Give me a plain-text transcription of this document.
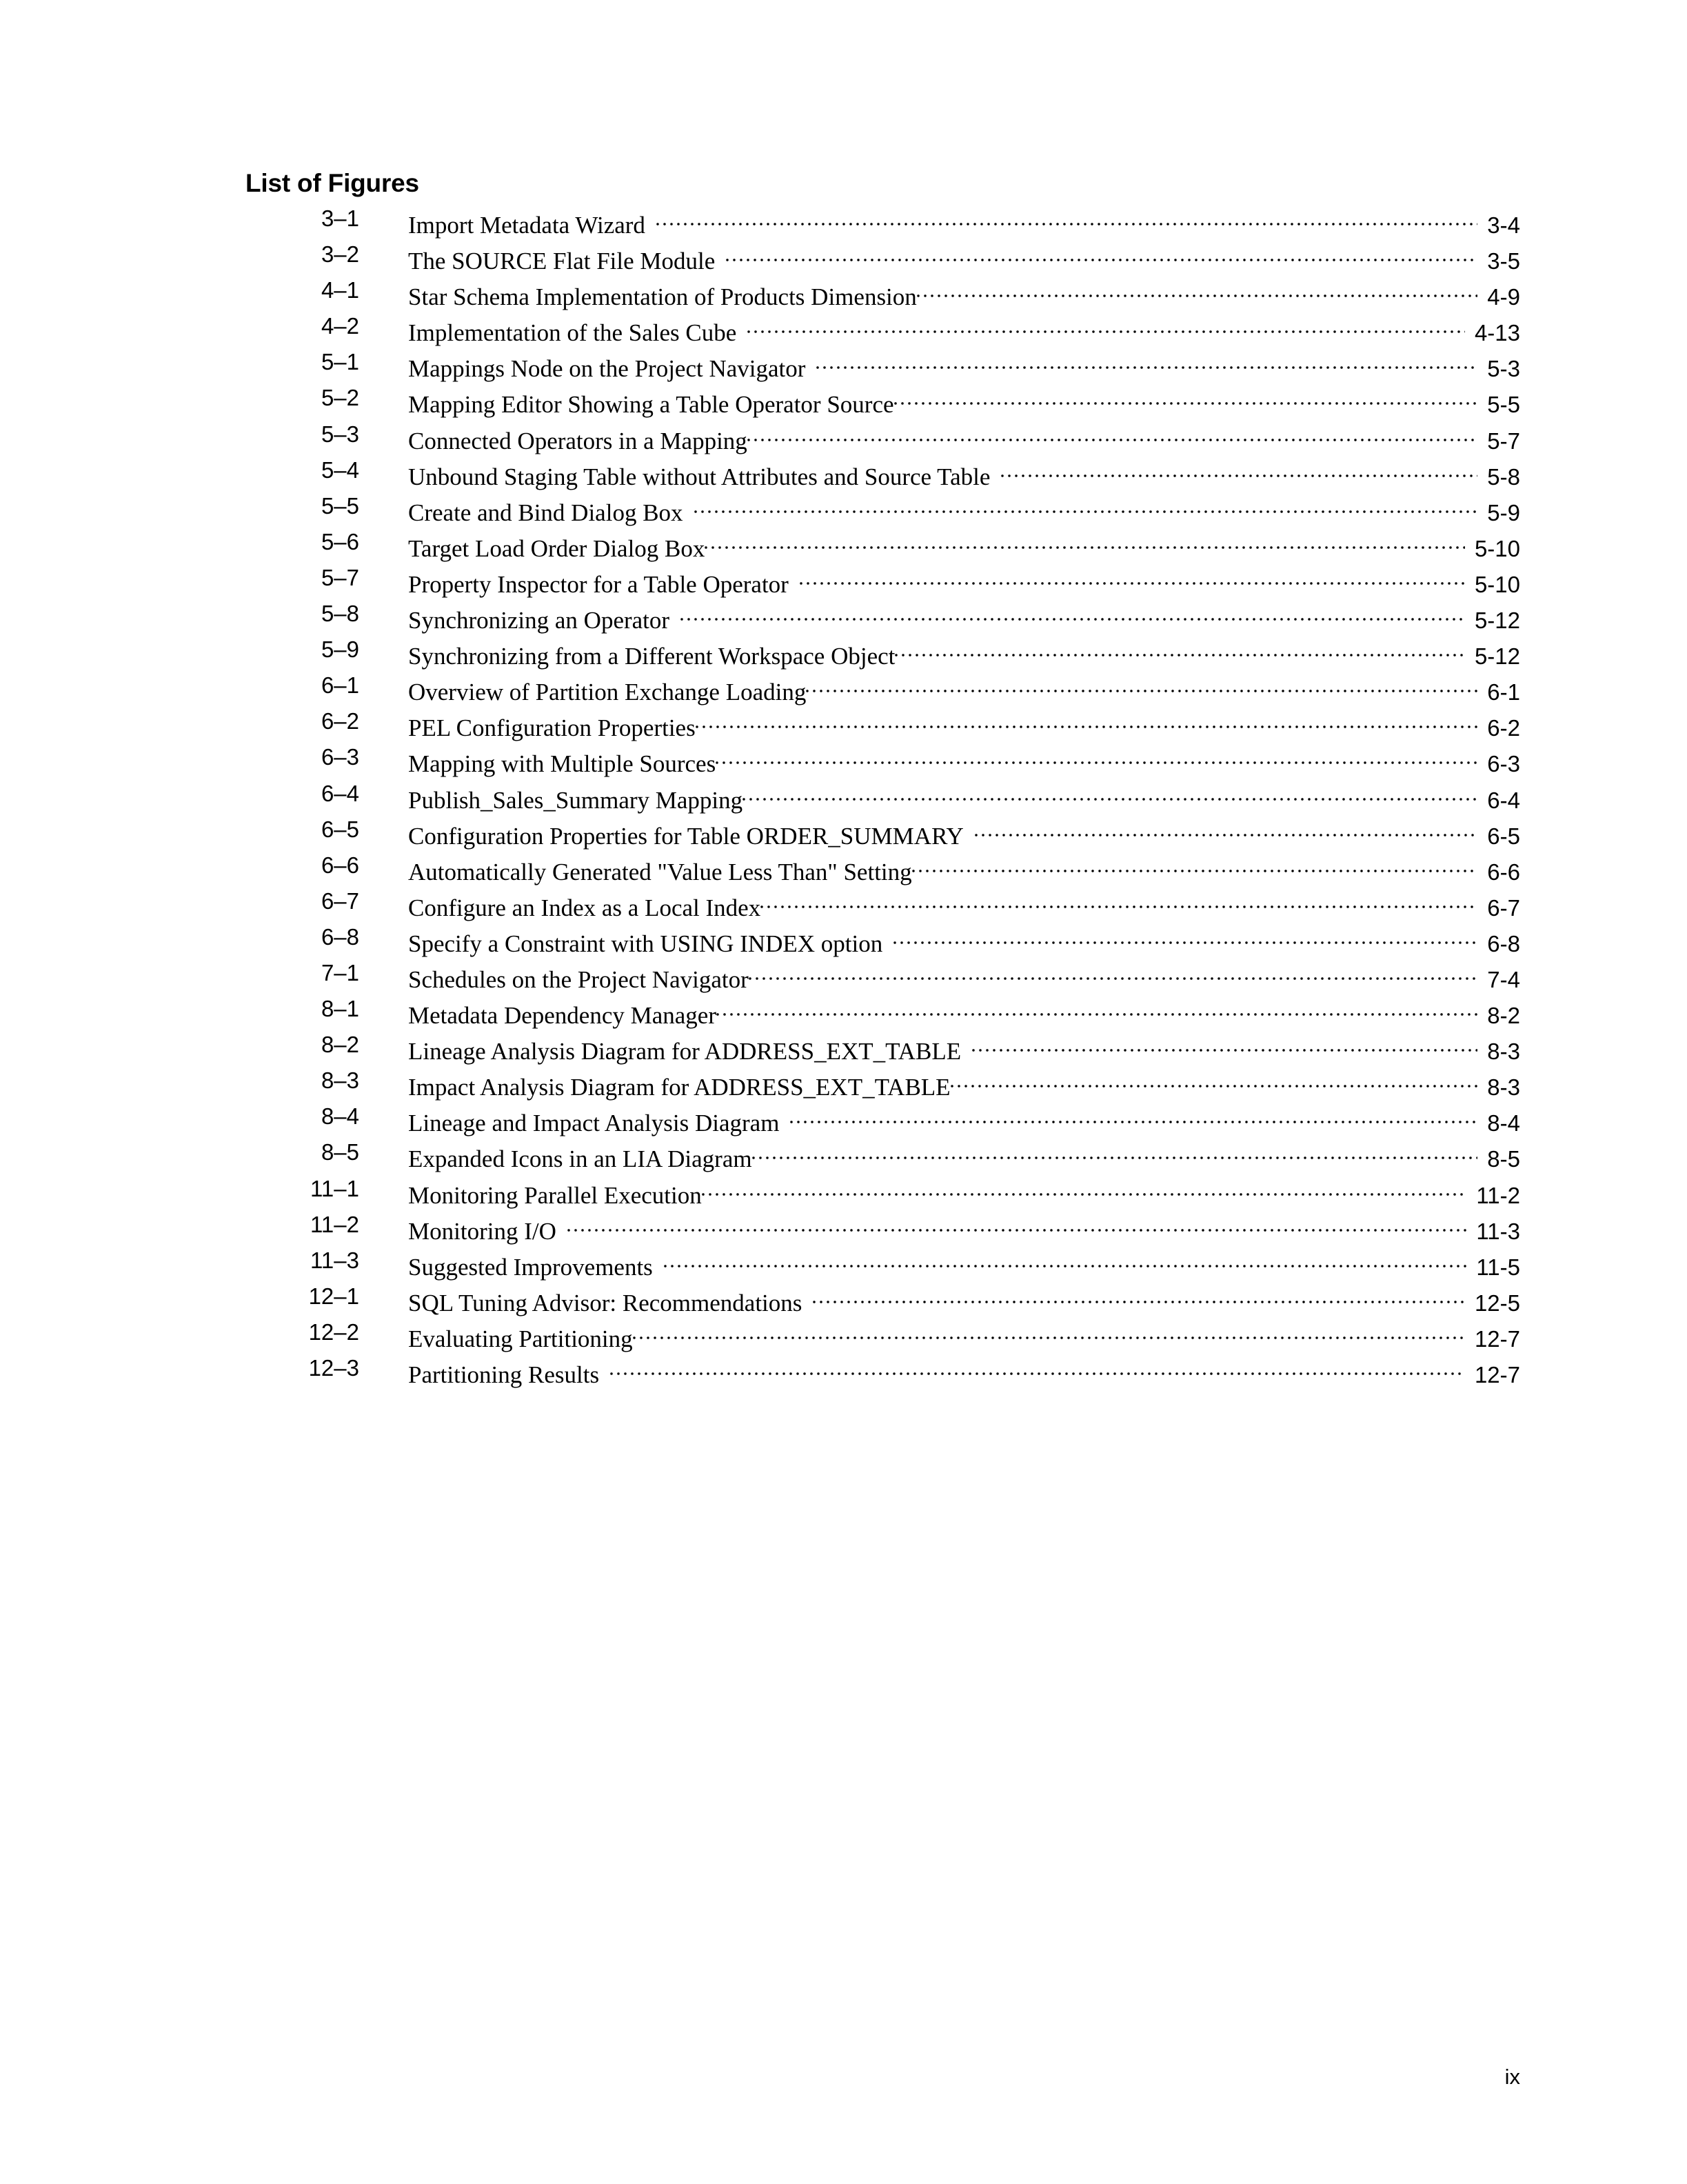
List of Figures
3–1 Import Metadata Wizard	3-4
3–2 The SOURCE Flat File Module	3-5
4–1 Star Schema Implementation of Products Dimension	4-9
4–2 Implementation of the Sales Cube	4-13
5–1 Mappings Node on the Project Navigator	5-3
5–2 Mapping Editor Showing a Table Operator Source	5-5
5–3 Connected Operators in a Mapping	5-7
5–4 Unbound Staging Table without Attributes and Source Table	5-8
5–5 Create and Bind Dialog Box	5-9
5–6 Target Load Order Dialog Box	5-10
5–7 Property Inspector for a Table Operator	5-10
5–8 Synchronizing an Operator	5-12
5–9 Synchronizing from a Different Workspace Object	5-12
6–1 Overview of Partition Exchange Loading	6-1
6–2 PEL Configuration Properties	6-2
6–3 Mapping with Multiple Sources	6-3
6–4 Publish_Sales_Summary Mapping	6-4
6–5 Configuration Properties for Table ORDER_SUMMARY	6-5
6–6 Automatically Generated "Value Less Than" Setting	6-6
6–7 Configure an Index as a Local Index	6-7
6–8 Specify a Constraint with USING INDEX option	6-8
7–1 Schedules on the Project Navigator	7-4
8–1 Metadata Dependency Manager	8-2
8–2 Lineage Analysis Diagram for ADDRESS_EXT_TABLE	8-3
8–3 Impact Analysis Diagram for ADDRESS_EXT_TABLE	8-3
8–4 Lineage and Impact Analysis Diagram	8-4
8–5 Expanded Icons in an LIA Diagram	8-5
11–1 Monitoring Parallel Execution	11-2
11–2 Monitoring I/O	11-3
11–3 Suggested Improvements	11-5
12–1 SQL Tuning Advisor: Recommendations	12-5
12–2 Evaluating Partitioning	12-7
12–3 Partitioning Results	12-7
ix
